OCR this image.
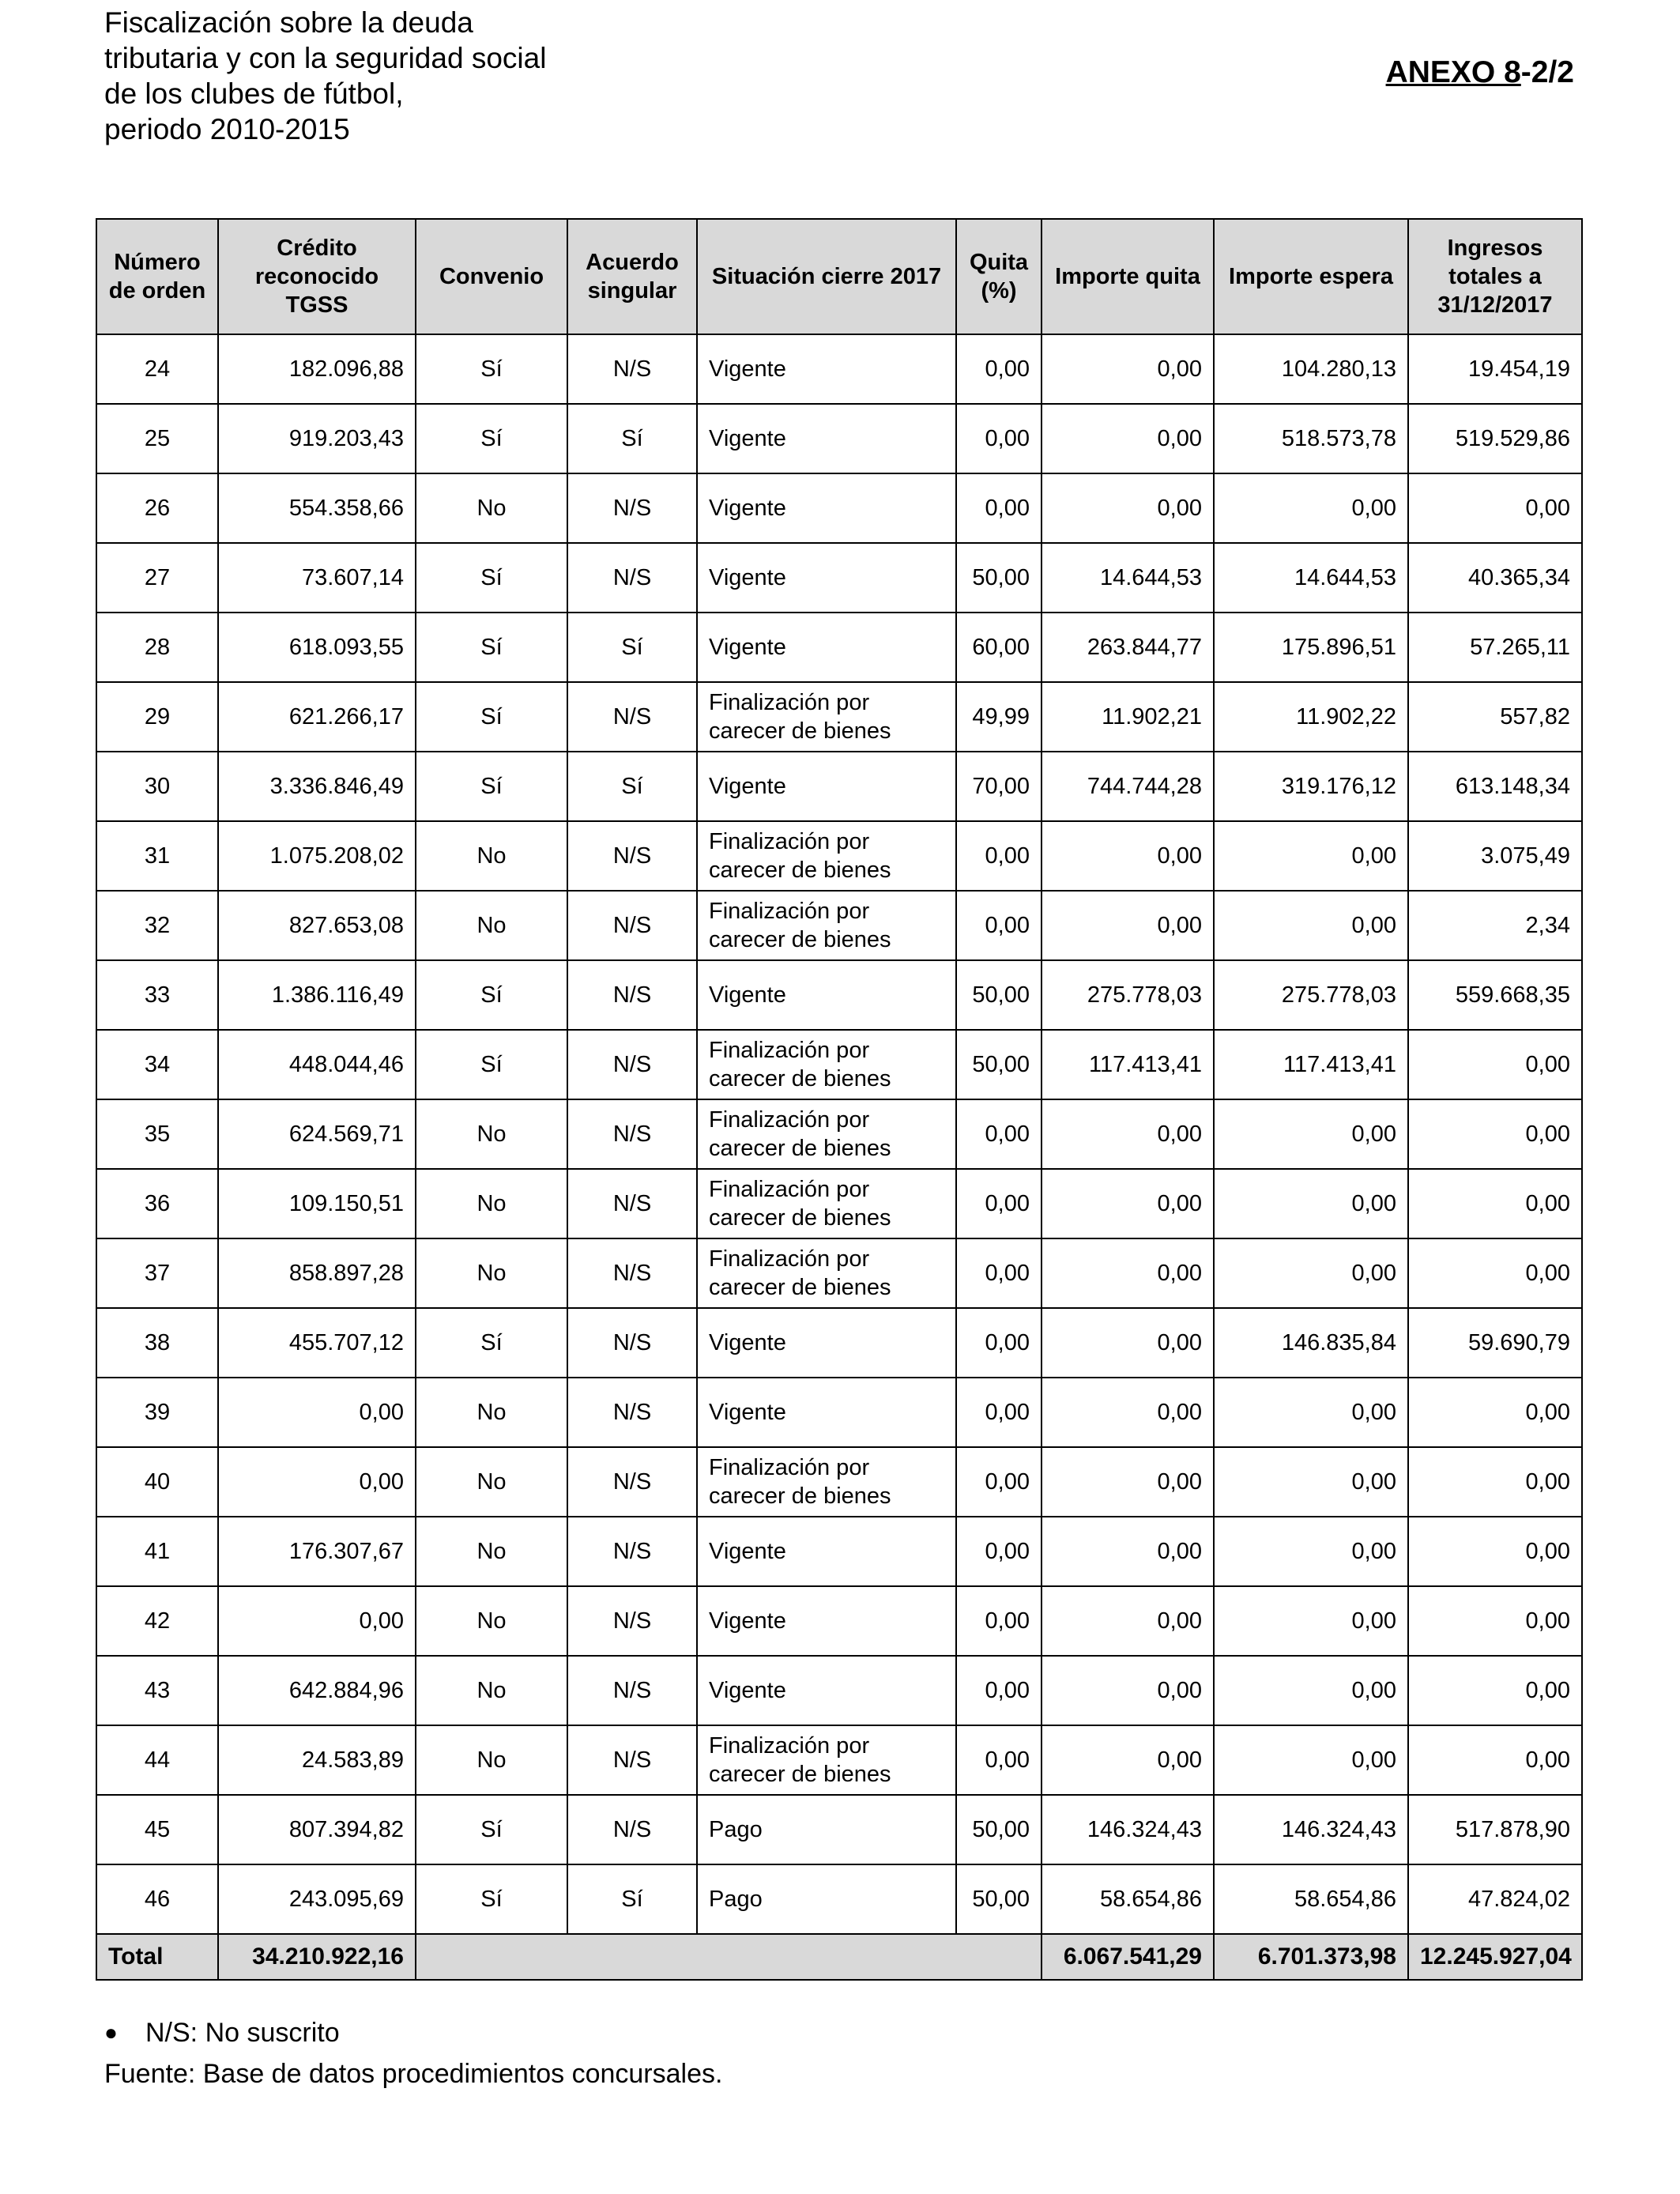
Fiscalización sobre la deuda
tributaria y con la seguridad social
de los clubes de fútbol,
periodo 2010-2015
ANEXO 8-2/2
Número de orden	Crédito reconocido TGSS	Convenio	Acuerdo singular	Situación cierre 2017	Quita (%)	Importe quita	Importe espera	Ingresos totales a 31/12/2017
24	182.096,88	Sí	N/S	Vigente	0,00	0,00	104.280,13	19.454,19
25	919.203,43	Sí	Sí	Vigente	0,00	0,00	518.573,78	519.529,86
26	554.358,66	No	N/S	Vigente	0,00	0,00	0,00	0,00
27	73.607,14	Sí	N/S	Vigente	50,00	14.644,53	14.644,53	40.365,34
28	618.093,55	Sí	Sí	Vigente	60,00	263.844,77	175.896,51	57.265,11
29	621.266,17	Sí	N/S	Finalización por carecer de bienes	49,99	11.902,21	11.902,22	557,82
30	3.336.846,49	Sí	Sí	Vigente	70,00	744.744,28	319.176,12	613.148,34
31	1.075.208,02	No	N/S	Finalización por carecer de bienes	0,00	0,00	0,00	3.075,49
32	827.653,08	No	N/S	Finalización por carecer de bienes	0,00	0,00	0,00	2,34
33	1.386.116,49	Sí	N/S	Vigente	50,00	275.778,03	275.778,03	559.668,35
34	448.044,46	Sí	N/S	Finalización por carecer de bienes	50,00	117.413,41	117.413,41	0,00
35	624.569,71	No	N/S	Finalización por carecer de bienes	0,00	0,00	0,00	0,00
36	109.150,51	No	N/S	Finalización por carecer de bienes	0,00	0,00	0,00	0,00
37	858.897,28	No	N/S	Finalización por carecer de bienes	0,00	0,00	0,00	0,00
38	455.707,12	Sí	N/S	Vigente	0,00	0,00	146.835,84	59.690,79
39	0,00	No	N/S	Vigente	0,00	0,00	0,00	0,00
40	0,00	No	N/S	Finalización por carecer de bienes	0,00	0,00	0,00	0,00
41	176.307,67	No	N/S	Vigente	0,00	0,00	0,00	0,00
42	0,00	No	N/S	Vigente	0,00	0,00	0,00	0,00
43	642.884,96	No	N/S	Vigente	0,00	0,00	0,00	0,00
44	24.583,89	No	N/S	Finalización por carecer de bienes	0,00	0,00	0,00	0,00
45	807.394,82	Sí	N/S	Pago	50,00	146.324,43	146.324,43	517.878,90
46	243.095,69	Sí	Sí	Pago	50,00	58.654,86	58.654,86	47.824,02
Total	34.210.922,16					6.067.541,29	6.701.373,98	12.245.927,04
●	N/S: No suscrito
Fuente: Base de datos procedimientos concursales.
